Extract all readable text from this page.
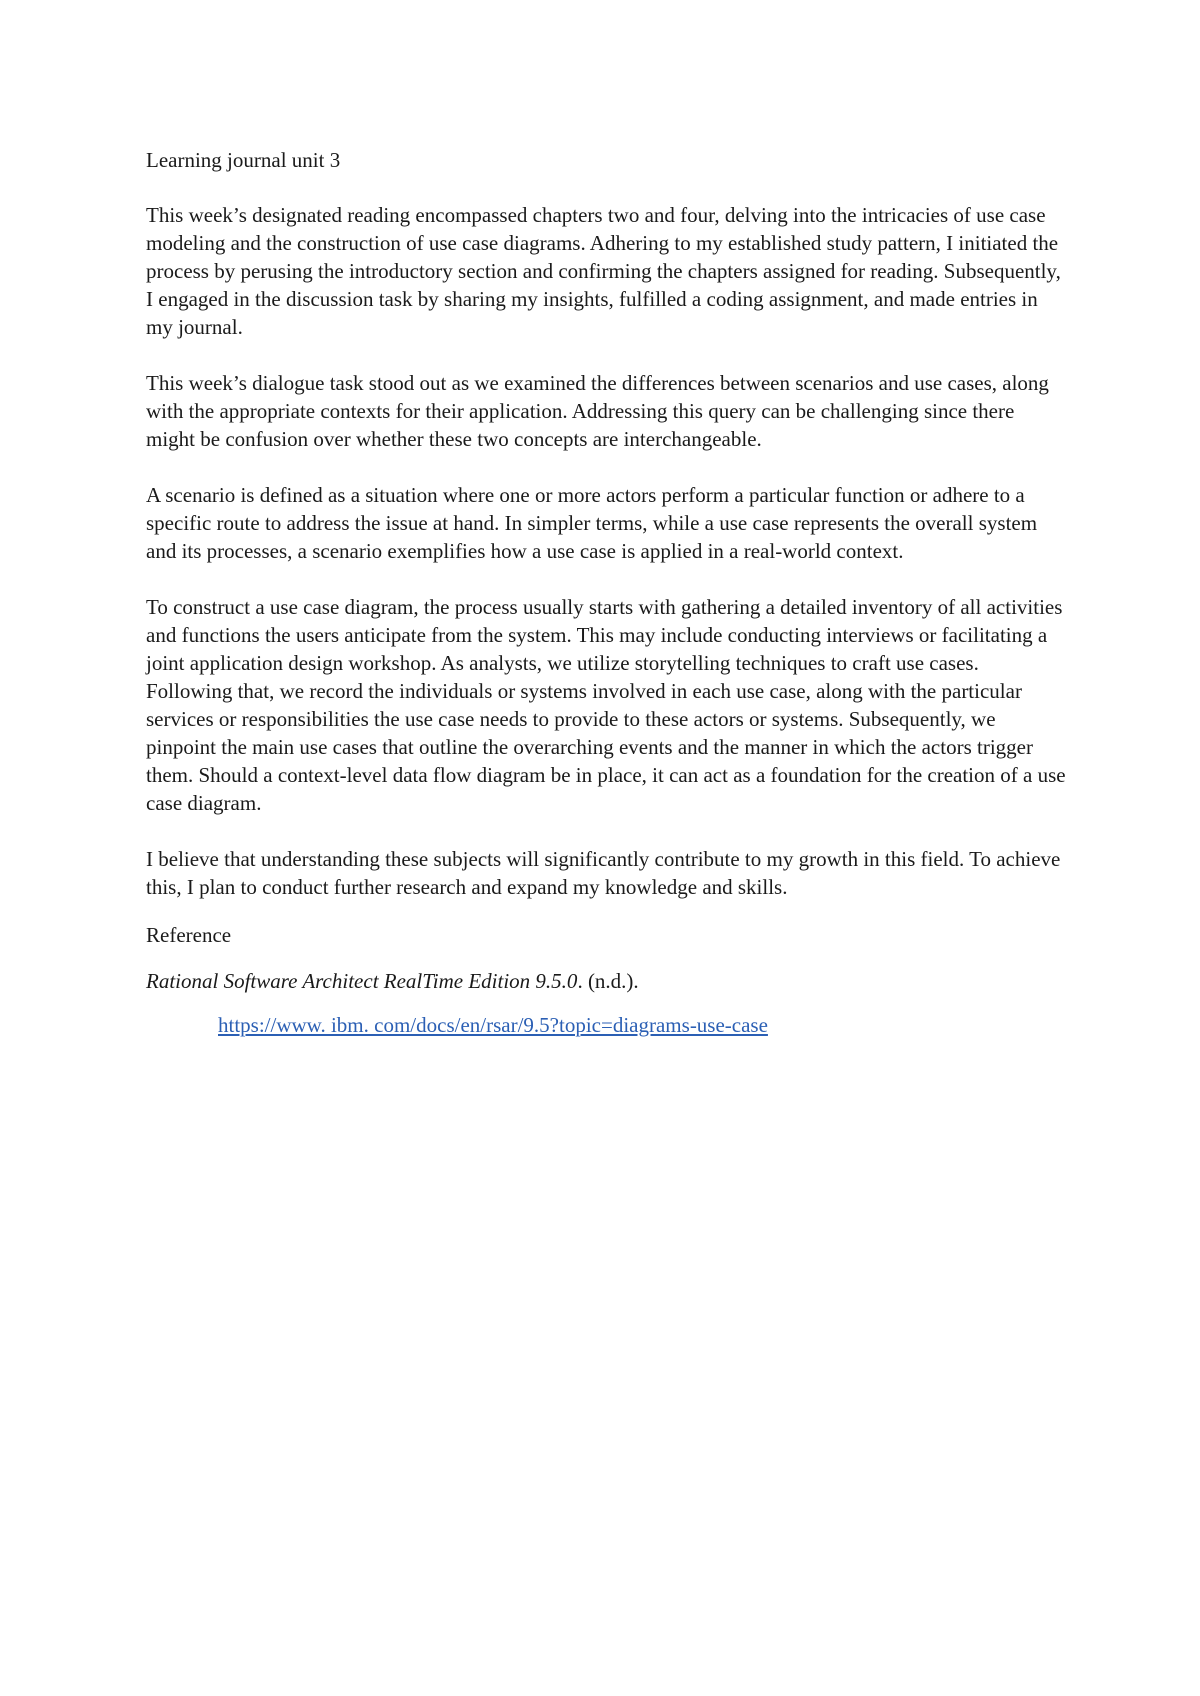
Learning journal unit 3

This week’s designated reading encompassed chapters two and four, delving into the intricacies of use case modeling and the construction of use case diagrams. Adhering to my established study pattern, I initiated the process by perusing the introductory section and confirming the chapters assigned for reading. Subsequently, I engaged in the discussion task by sharing my insights, fulfilled a coding assignment, and made entries in my journal.

This week’s dialogue task stood out as we examined the differences between scenarios and use cases, along with the appropriate contexts for their application. Addressing this query can be challenging since there might be confusion over whether these two concepts are interchangeable.

A scenario is defined as a situation where one or more actors perform a particular function or adhere to a specific route to address the issue at hand. In simpler terms, while a use case represents the overall system and its processes, a scenario exemplifies how a use case is applied in a real-world context.

To construct a use case diagram, the process usually starts with gathering a detailed inventory of all activities and functions the users anticipate from the system. This may include conducting interviews or facilitating a joint application design workshop. As analysts, we utilize storytelling techniques to craft use cases. Following that, we record the individuals or systems involved in each use case, along with the particular services or responsibilities the use case needs to provide to these actors or systems. Subsequently, we pinpoint the main use cases that outline the overarching events and the manner in which the actors trigger them. Should a context-level data flow diagram be in place, it can act as a foundation for the creation of a use case diagram.

I believe that understanding these subjects will significantly contribute to my growth in this field. To achieve this, I plan to conduct further research and expand my knowledge and skills.

Reference

Rational Software Architect RealTime Edition 9.5.0. (n.d.).

https://www. ibm. com/docs/en/rsar/9.5?topic=diagrams-use-case
